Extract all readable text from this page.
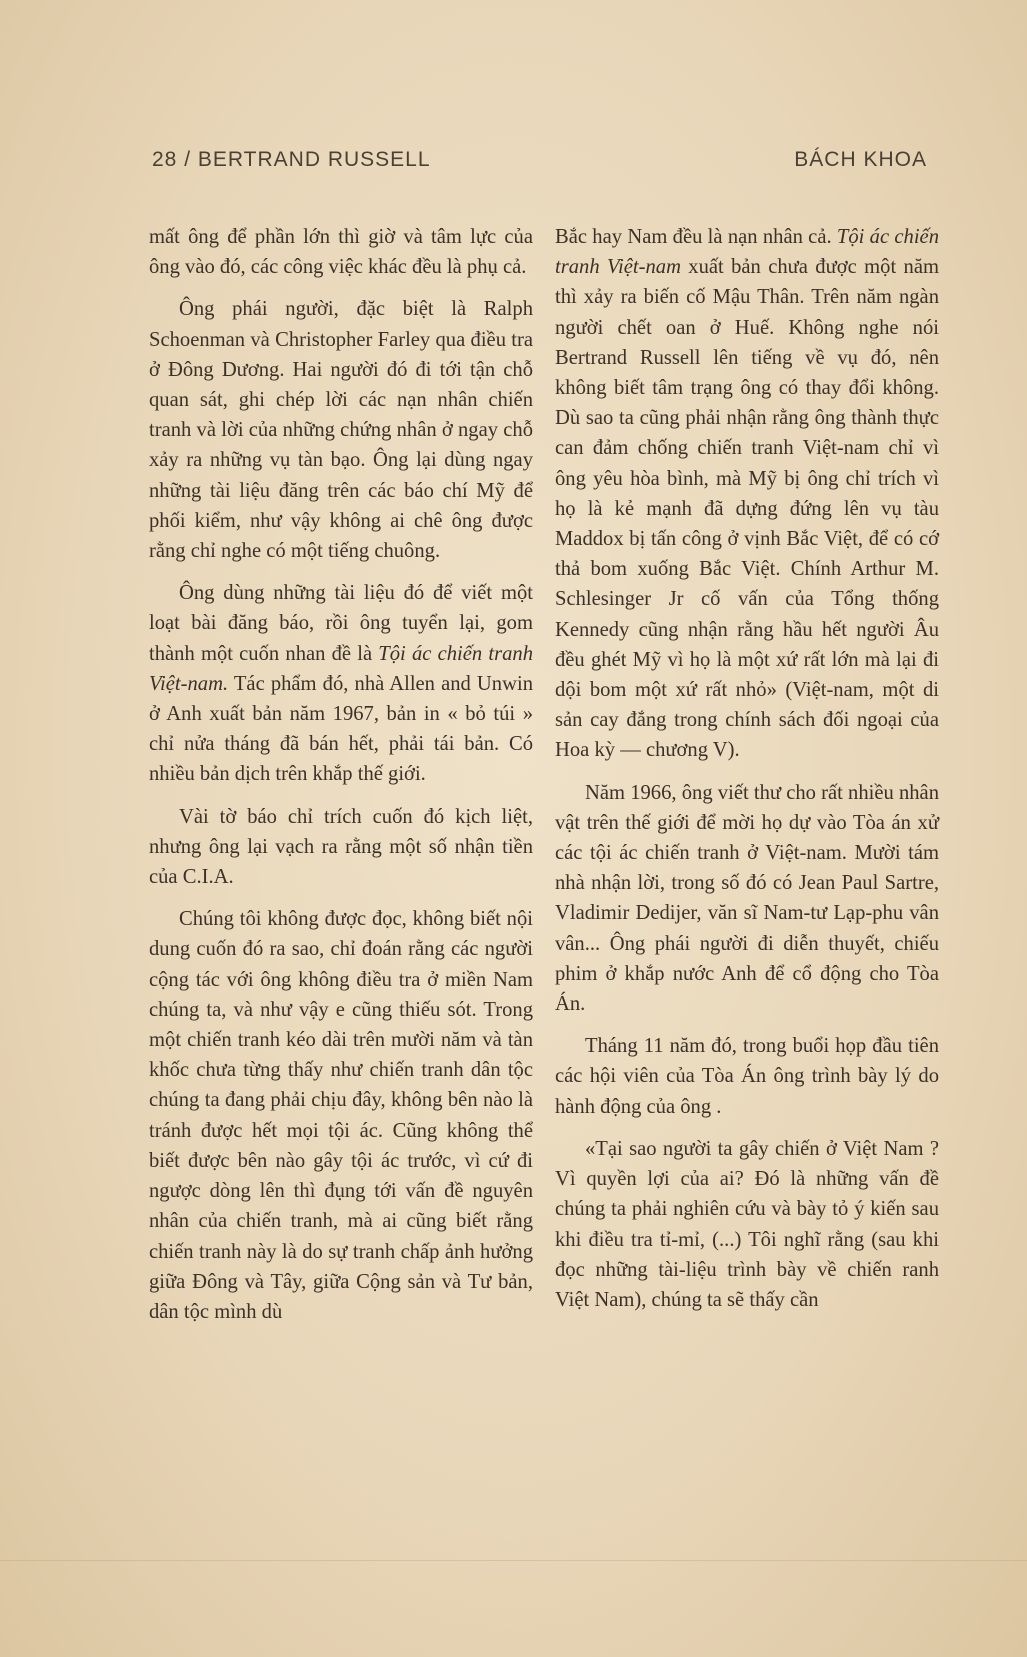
28 / BERTRAND RUSSELL	BÁCH KHOA

mất ông để phần lớn thì giờ và tâm lực của ông vào đó, các công việc khác đều là phụ cả.

Ông phái người, đặc biệt là Ralph Schoenman và Christopher Farley qua điều tra ở Đông Dương. Hai người đó đi tới tận chỗ quan sát, ghi chép lời các nạn nhân chiến tranh và lời của những chứng nhân ở ngay chỗ xảy ra những vụ tàn bạo. Ông lại dùng ngay những tài liệu đăng trên các báo chí Mỹ để phối kiểm, như vậy không ai chê ông được rằng chỉ nghe có một tiếng chuông.

Ông dùng những tài liệu đó để viết một loạt bài đăng báo, rồi ông tuyển lại, gom thành một cuốn nhan đề là Tội ác chiến tranh Việt-nam. Tác phẩm đó, nhà Allen and Unwin ở Anh xuất bản năm 1967, bản in « bỏ túi » chỉ nửa tháng đã bán hết, phải tái bản. Có nhiều bản dịch trên khắp thế giới.

Vài tờ báo chỉ trích cuốn đó kịch liệt, nhưng ông lại vạch ra rằng một số nhận tiền của C.I.A.

Chúng tôi không được đọc, không biết nội dung cuốn đó ra sao, chỉ đoán rằng các người cộng tác với ông không điều tra ở miền Nam chúng ta, và như vậy e cũng thiếu sót. Trong một chiến tranh kéo dài trên mười năm và tàn khốc chưa từng thấy như chiến tranh dân tộc chúng ta đang phải chịu đây, không bên nào là tránh được hết mọi tội ác. Cũng không thể biết được bên nào gây tội ác trước, vì cứ đi ngược dòng lên thì đụng tới vấn đề nguyên nhân của chiến tranh, mà ai cũng biết rằng chiến tranh này là do sự tranh chấp ảnh hưởng giữa Đông và Tây, giữa Cộng sản và Tư bản, dân tộc mình dù

Bắc hay Nam đều là nạn nhân cả. Tội ác chiến tranh Việt-nam xuất bản chưa được một năm thì xảy ra biến cố Mậu Thân. Trên năm ngàn người chết oan ở Huế. Không nghe nói Bertrand Russell lên tiếng về vụ đó, nên không biết tâm trạng ông có thay đổi không. Dù sao ta cũng phải nhận rằng ông thành thực can đảm chống chiến tranh Việt-nam chỉ vì ông yêu hòa bình, mà Mỹ bị ông chỉ trích vì họ là kẻ mạnh đã dựng đứng lên vụ tàu Maddox bị tấn công ở vịnh Bắc Việt, để có cớ thả bom xuống Bắc Việt. Chính Arthur M. Schlesinger Jr cố vấn của Tổng thống Kennedy cũng nhận rằng hầu hết người Âu đều ghét Mỹ vì họ là một xứ rất lớn mà lại đi dội bom một xứ rất nhỏ» (Việt-nam, một di sản cay đắng trong chính sách đối ngoại của Hoa kỳ — chương V).

Năm 1966, ông viết thư cho rất nhiều nhân vật trên thế giới để mời họ dự vào Tòa án xử các tội ác chiến tranh ở Việt-nam. Mười tám nhà nhận lời, trong số đó có Jean Paul Sartre, Vladimir Dedijer, văn sĩ Nam-tư Lạp-phu vân vân... Ông phái người đi diễn thuyết, chiếu phim ở khắp nước Anh để cổ động cho Tòa Án.

Tháng 11 năm đó, trong buổi họp đầu tiên các hội viên của Tòa Án ông trình bày lý do hành động của ông .

«Tại sao người ta gây chiến ở Việt Nam ? Vì quyền lợi của ai? Đó là những vấn đề chúng ta phải nghiên cứu và bày tỏ ý kiến sau khi điều tra tỉ-mỉ, (...) Tôi nghĩ rằng (sau khi đọc những tài-liệu trình bày về chiến ranh Việt Nam), chúng ta sẽ thấy cần
